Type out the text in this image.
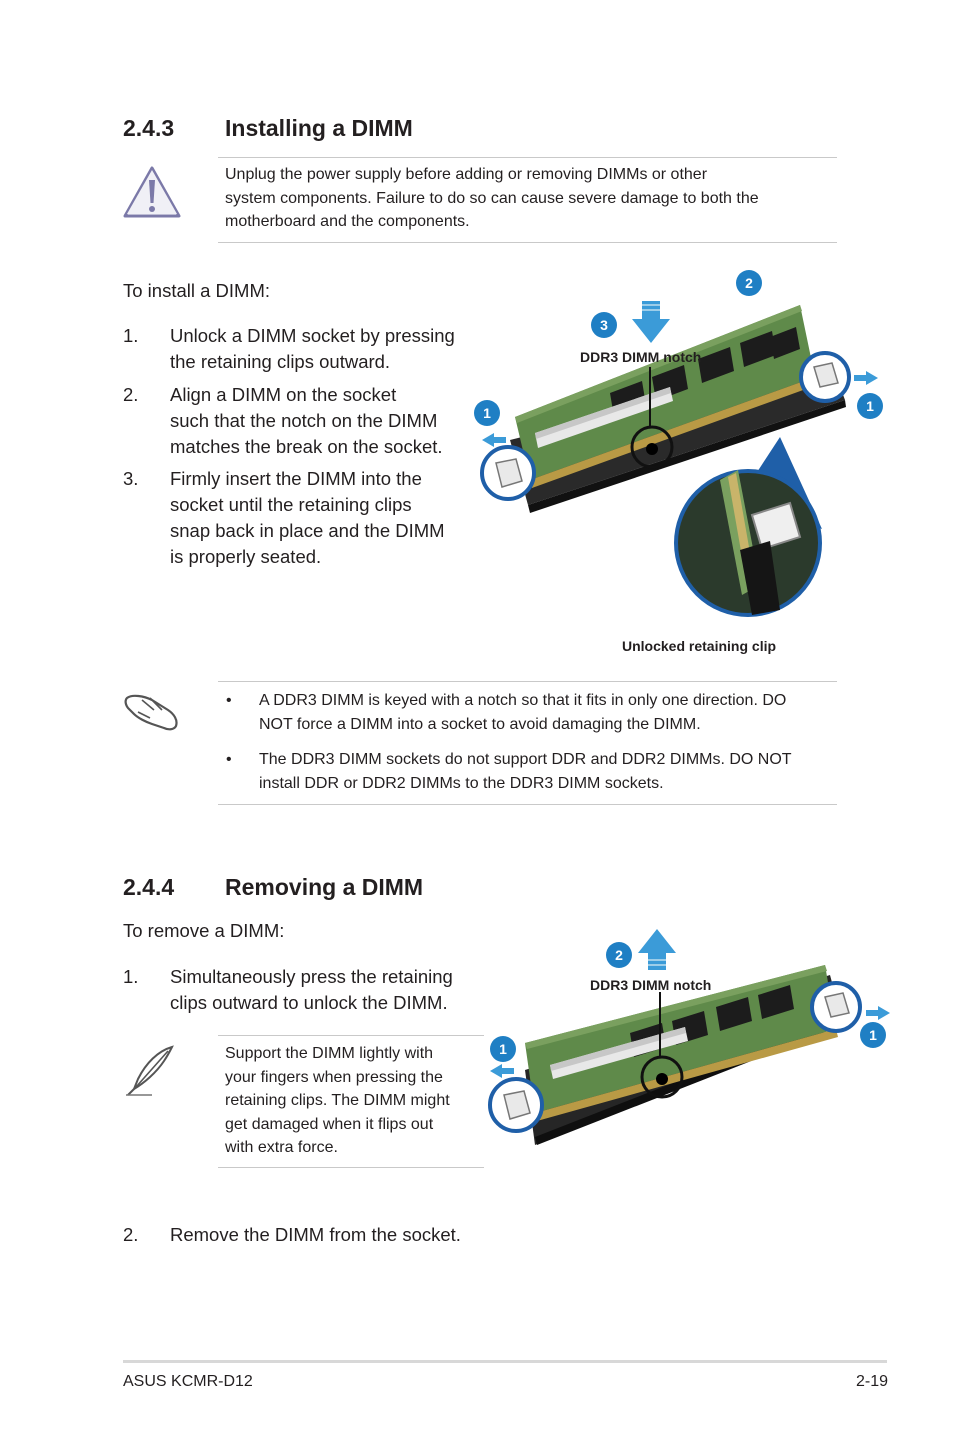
2.4.3 Installing a DIMM
Unplug the power supply before adding or removing DIMMs or other
system components. Failure to do so can cause severe damage to both the
motherboard and the components.
To install a DIMM:
1. Unlock a DIMM socket by pressing
the retaining clips outward.
2. Align a DIMM on the socket
such that the notch on the DIMM
matches the break on the socket.
3. Firmly insert the DIMM into the
socket until the retaining clips
snap back in place and the DIMM
is properly seated.
3
2
1	1
DDR3 DIMM notch
Unlocked retaining clip
• A DDR3 DIMM is keyed with a notch so that it fits in only one direction. DO
NOT force a DIMM into a socket to avoid damaging the DIMM.
• The DDR3 DIMM sockets do not support DDR and DDR2 DIMMs. DO NOT
install DDR or DDR2 DIMMs to the DDR3 DIMM sockets.
2.4.4 Removing a DIMM
To remove a DIMM:
1. Simultaneously press the retaining
clips outward to unlock the DIMM.
Support the DIMM lightly with
your fingers when pressing the
retaining clips. The DIMM might
get damaged when it flips out
with extra force.
2
1
1
DDR3 DIMM notch
2. Remove the DIMM from the socket.
ASUS KCMR-D12	2-19
